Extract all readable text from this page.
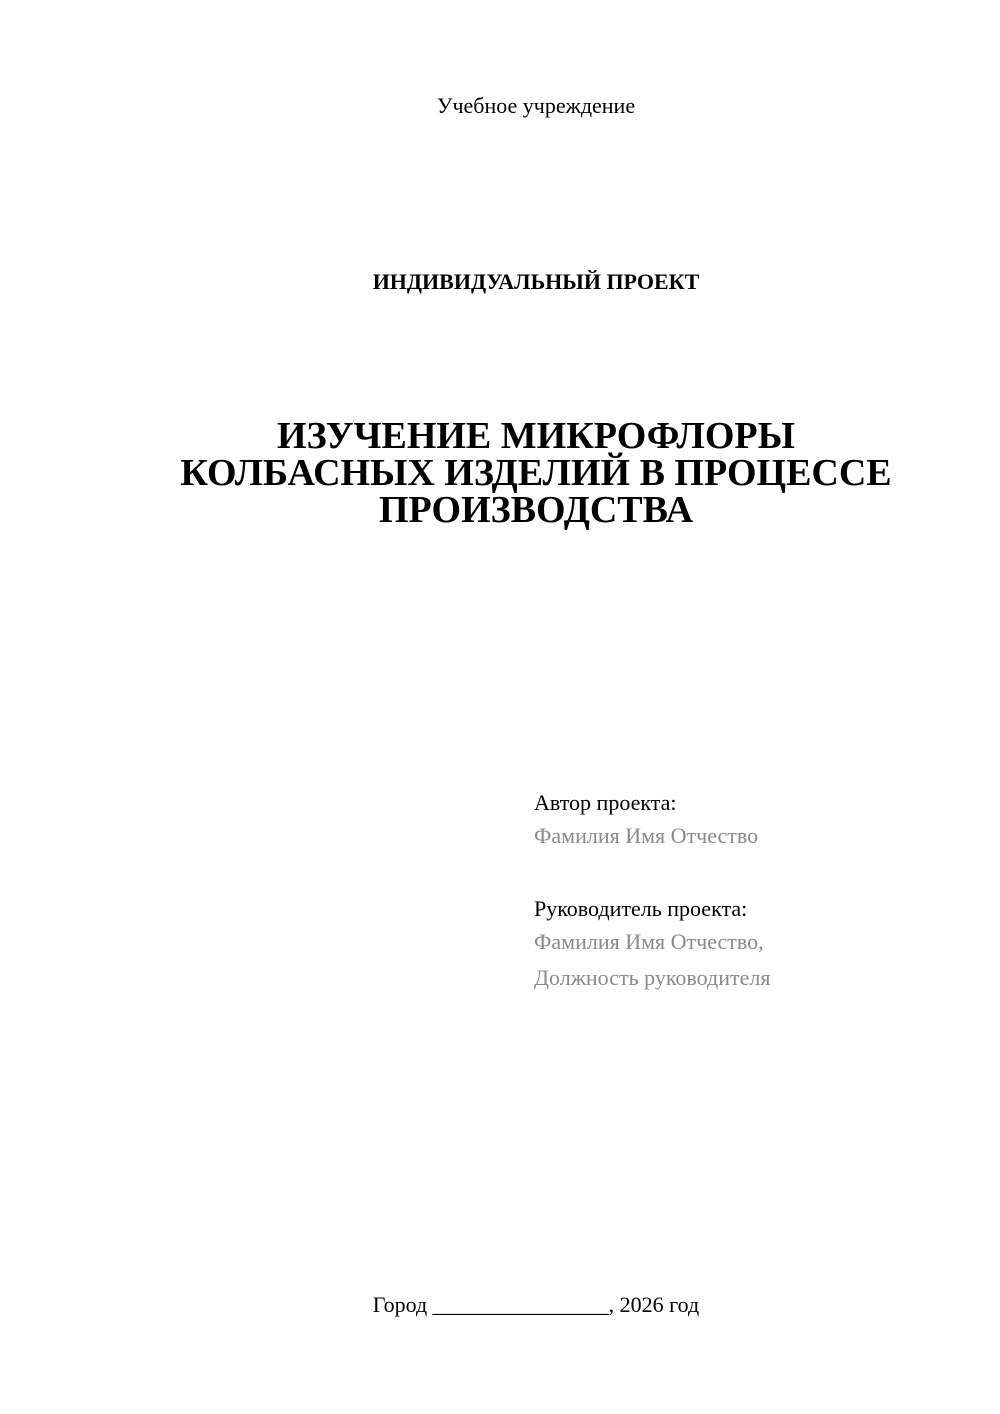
Учебное учреждение
ИНДИВИДУАЛЬНЫЙ ПРОЕКТ
ИЗУЧЕНИЕ МИКРОФЛОРЫ
КОЛБАСНЫХ ИЗДЕЛИЙ В ПРОЦЕССЕ
ПРОИЗВОДСТВА
Автор проекта:
Фамилия Имя Отчество
Руководитель проекта:
Фамилия Имя Отчество,
Должность руководителя
Город ________________, 2026 год
